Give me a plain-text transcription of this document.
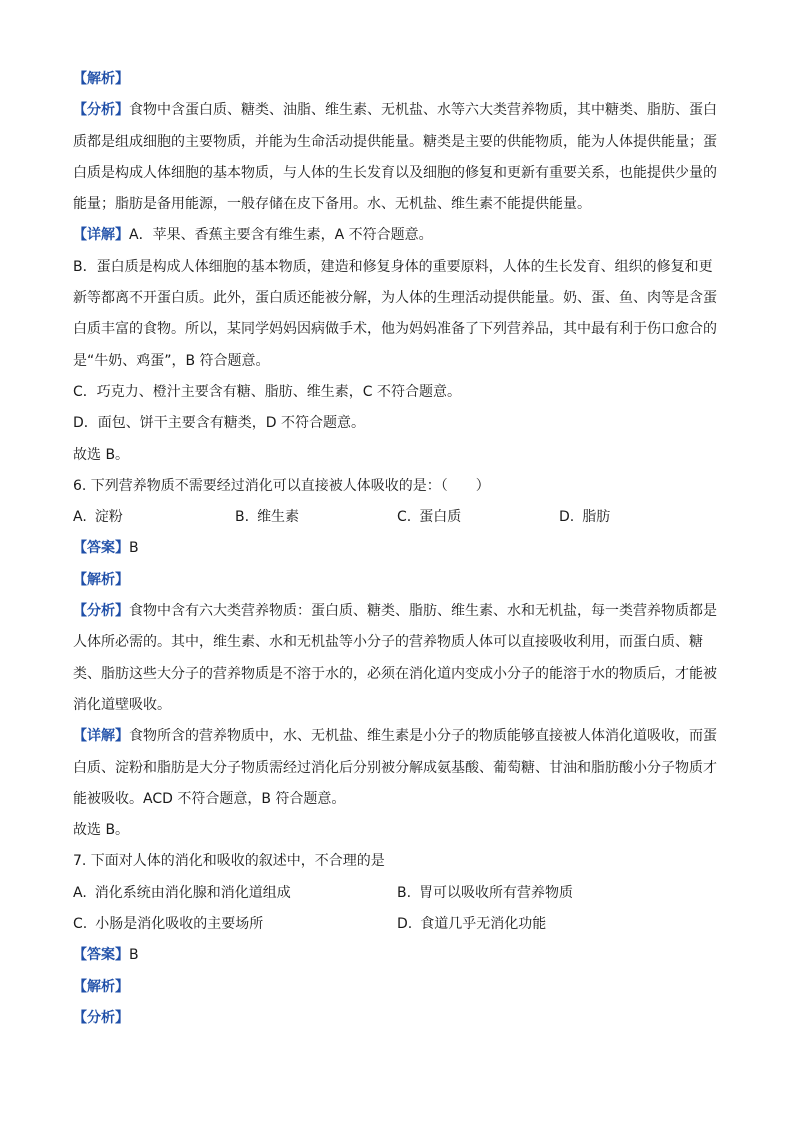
【解析】
【分析】食物中含蛋白质、糖类、油脂、维生素、无机盐、水等六大类营养物质，其中糖类、脂肪、蛋白
质都是组成细胞的主要物质，并能为生命活动提供能量。糖类是主要的供能物质，能为人体提供能量；蛋
白质是构成人体细胞的基本物质，与人体的生长发育以及细胞的修复和更新有重要关系，也能提供少量的
能量；脂肪是备用能源，一般存储在皮下备用。水、无机盐、维生素不能提供能量。
【详解】A．苹果、香蕉主要含有维生素，A 不符合题意。
B．蛋白质是构成人体细胞的基本物质，建造和修复身体的重要原料，人体的生长发育、组织的修复和更
新等都离不开蛋白质。此外，蛋白质还能被分解，为人体的生理活动提供能量。奶、蛋、鱼、肉等是含蛋
白质丰富的食物。所以，某同学妈妈因病做手术，他为妈妈准备了下列营养品，其中最有利于伤口愈合的
是“牛奶、鸡蛋”，B 符合题意。
C．巧克力、橙汁主要含有糖、脂肪、维生素，C 不符合题意。
D．面包、饼干主要含有糖类，D 不符合题意。
故选 B。
6. 下列营养物质不需要经过消化可以直接被人体吸收的是：（　　）
A. 淀粉	B. 维生素	C. 蛋白质	D. 脂肪
【答案】B
【解析】
【分析】食物中含有六大类营养物质：蛋白质、糖类、脂肪、维生素、水和无机盐，每一类营养物质都是
人体所必需的。其中，维生素、水和无机盐等小分子的营养物质人体可以直接吸收利用，而蛋白质、糖
类、脂肪这些大分子的营养物质是不溶于水的，必须在消化道内变成小分子的能溶于水的物质后，才能被
消化道壁吸收。
【详解】食物所含的营养物质中，水、无机盐、维生素是小分子的物质能够直接被人体消化道吸收，而蛋
白质、淀粉和脂肪是大分子物质需经过消化后分别被分解成氨基酸、葡萄糖、甘油和脂肪酸小分子物质才
能被吸收。ACD 不符合题意，B 符合题意。
故选 B。
7. 下面对人体的消化和吸收的叙述中，不合理的是
A. 消化系统由消化腺和消化道组成	B. 胃可以吸收所有营养物质
C. 小肠是消化吸收的主要场所	D. 食道几乎无消化功能
【答案】B
【解析】
【分析】
